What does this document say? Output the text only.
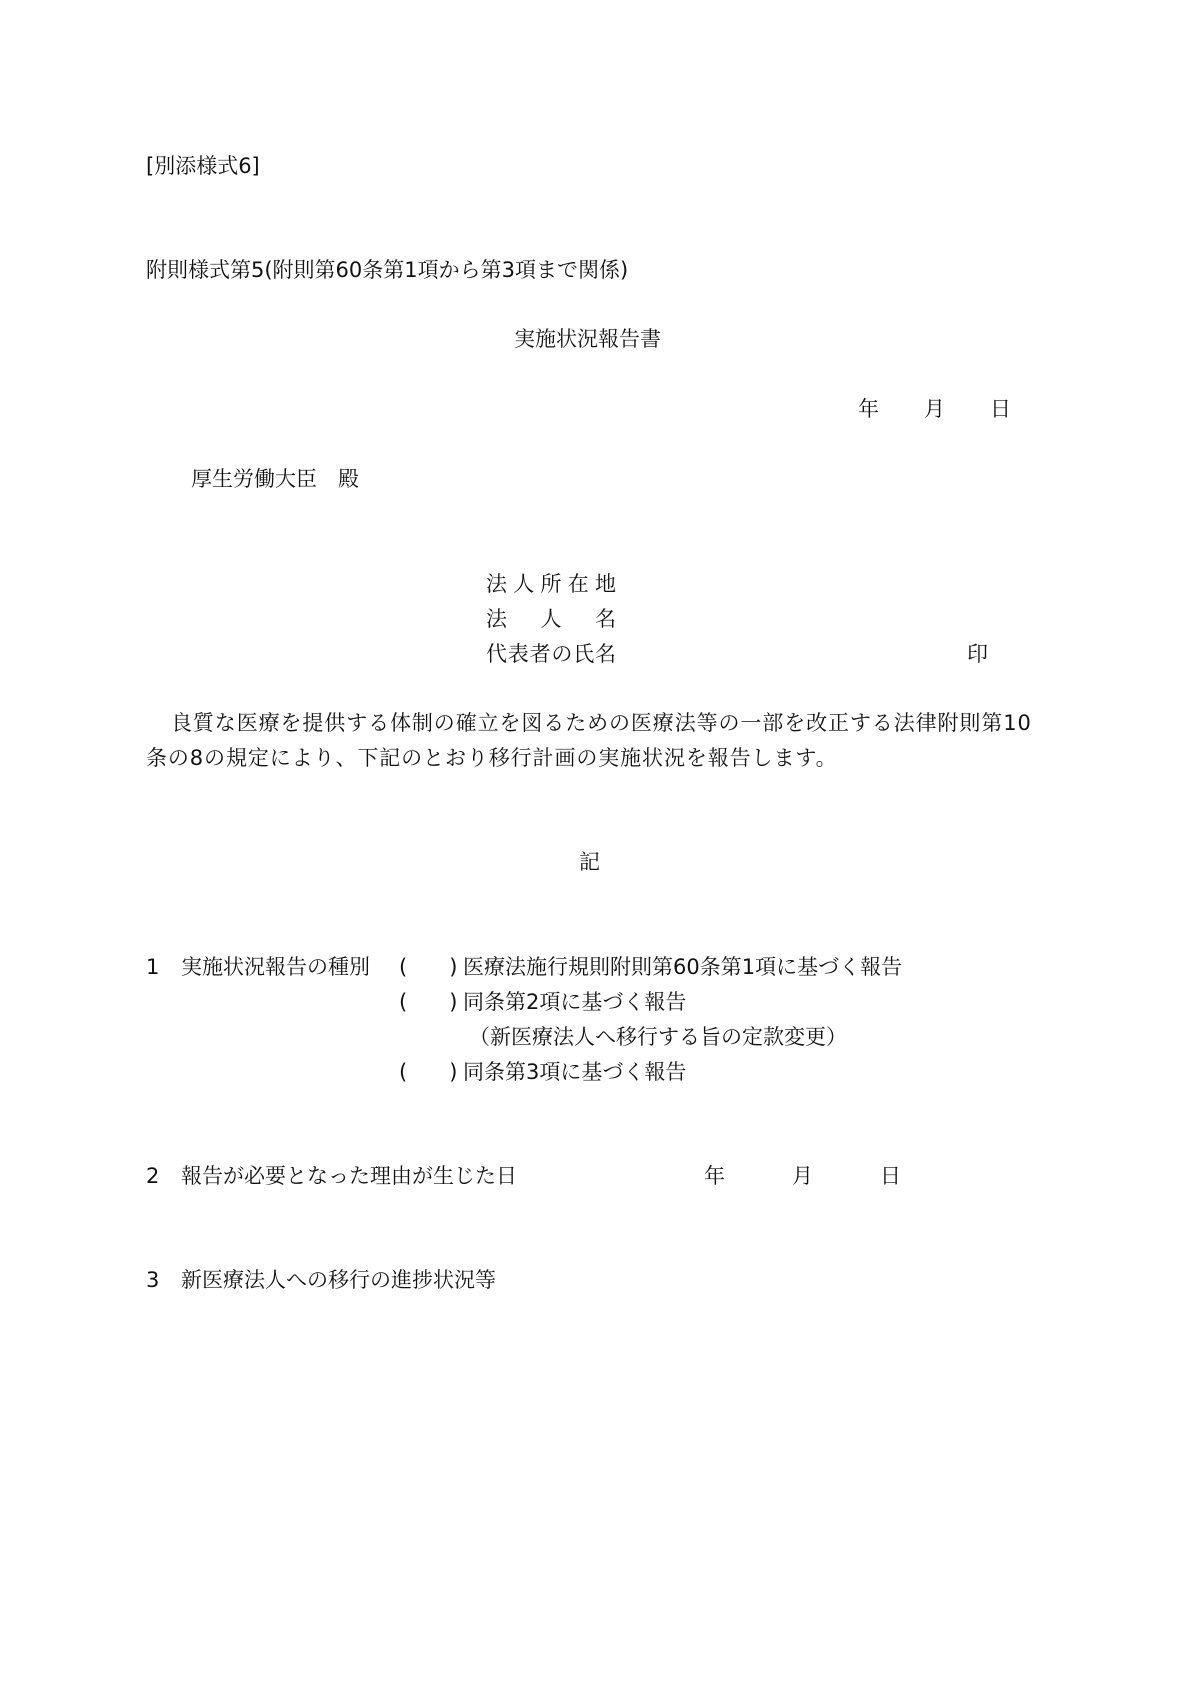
[別添様式6]
附則様式第5(附則第60条第1項から第3項まで関係)
実施状況報告書
年 月 日
厚生労働大臣　殿
法人所在地
法人名
代表者の氏名	印
良質な医療を提供する体制の確立を図るための医療法等の一部を改正する法律附則第10
条の8の規定により、下記のとおり移行計画の実施状況を報告します。
記
1 実施状況報告の種別 (　　) 医療法施行規則附則第60条第1項に基づく報告
(　　) 同条第2項に基づく報告
（新医療法人へ移行する旨の定款変更）
(　　) 同条第3項に基づく報告
2 報告が必要となった理由が生じた日	年	月	日
3 新医療法人への移行の進捗状況等
